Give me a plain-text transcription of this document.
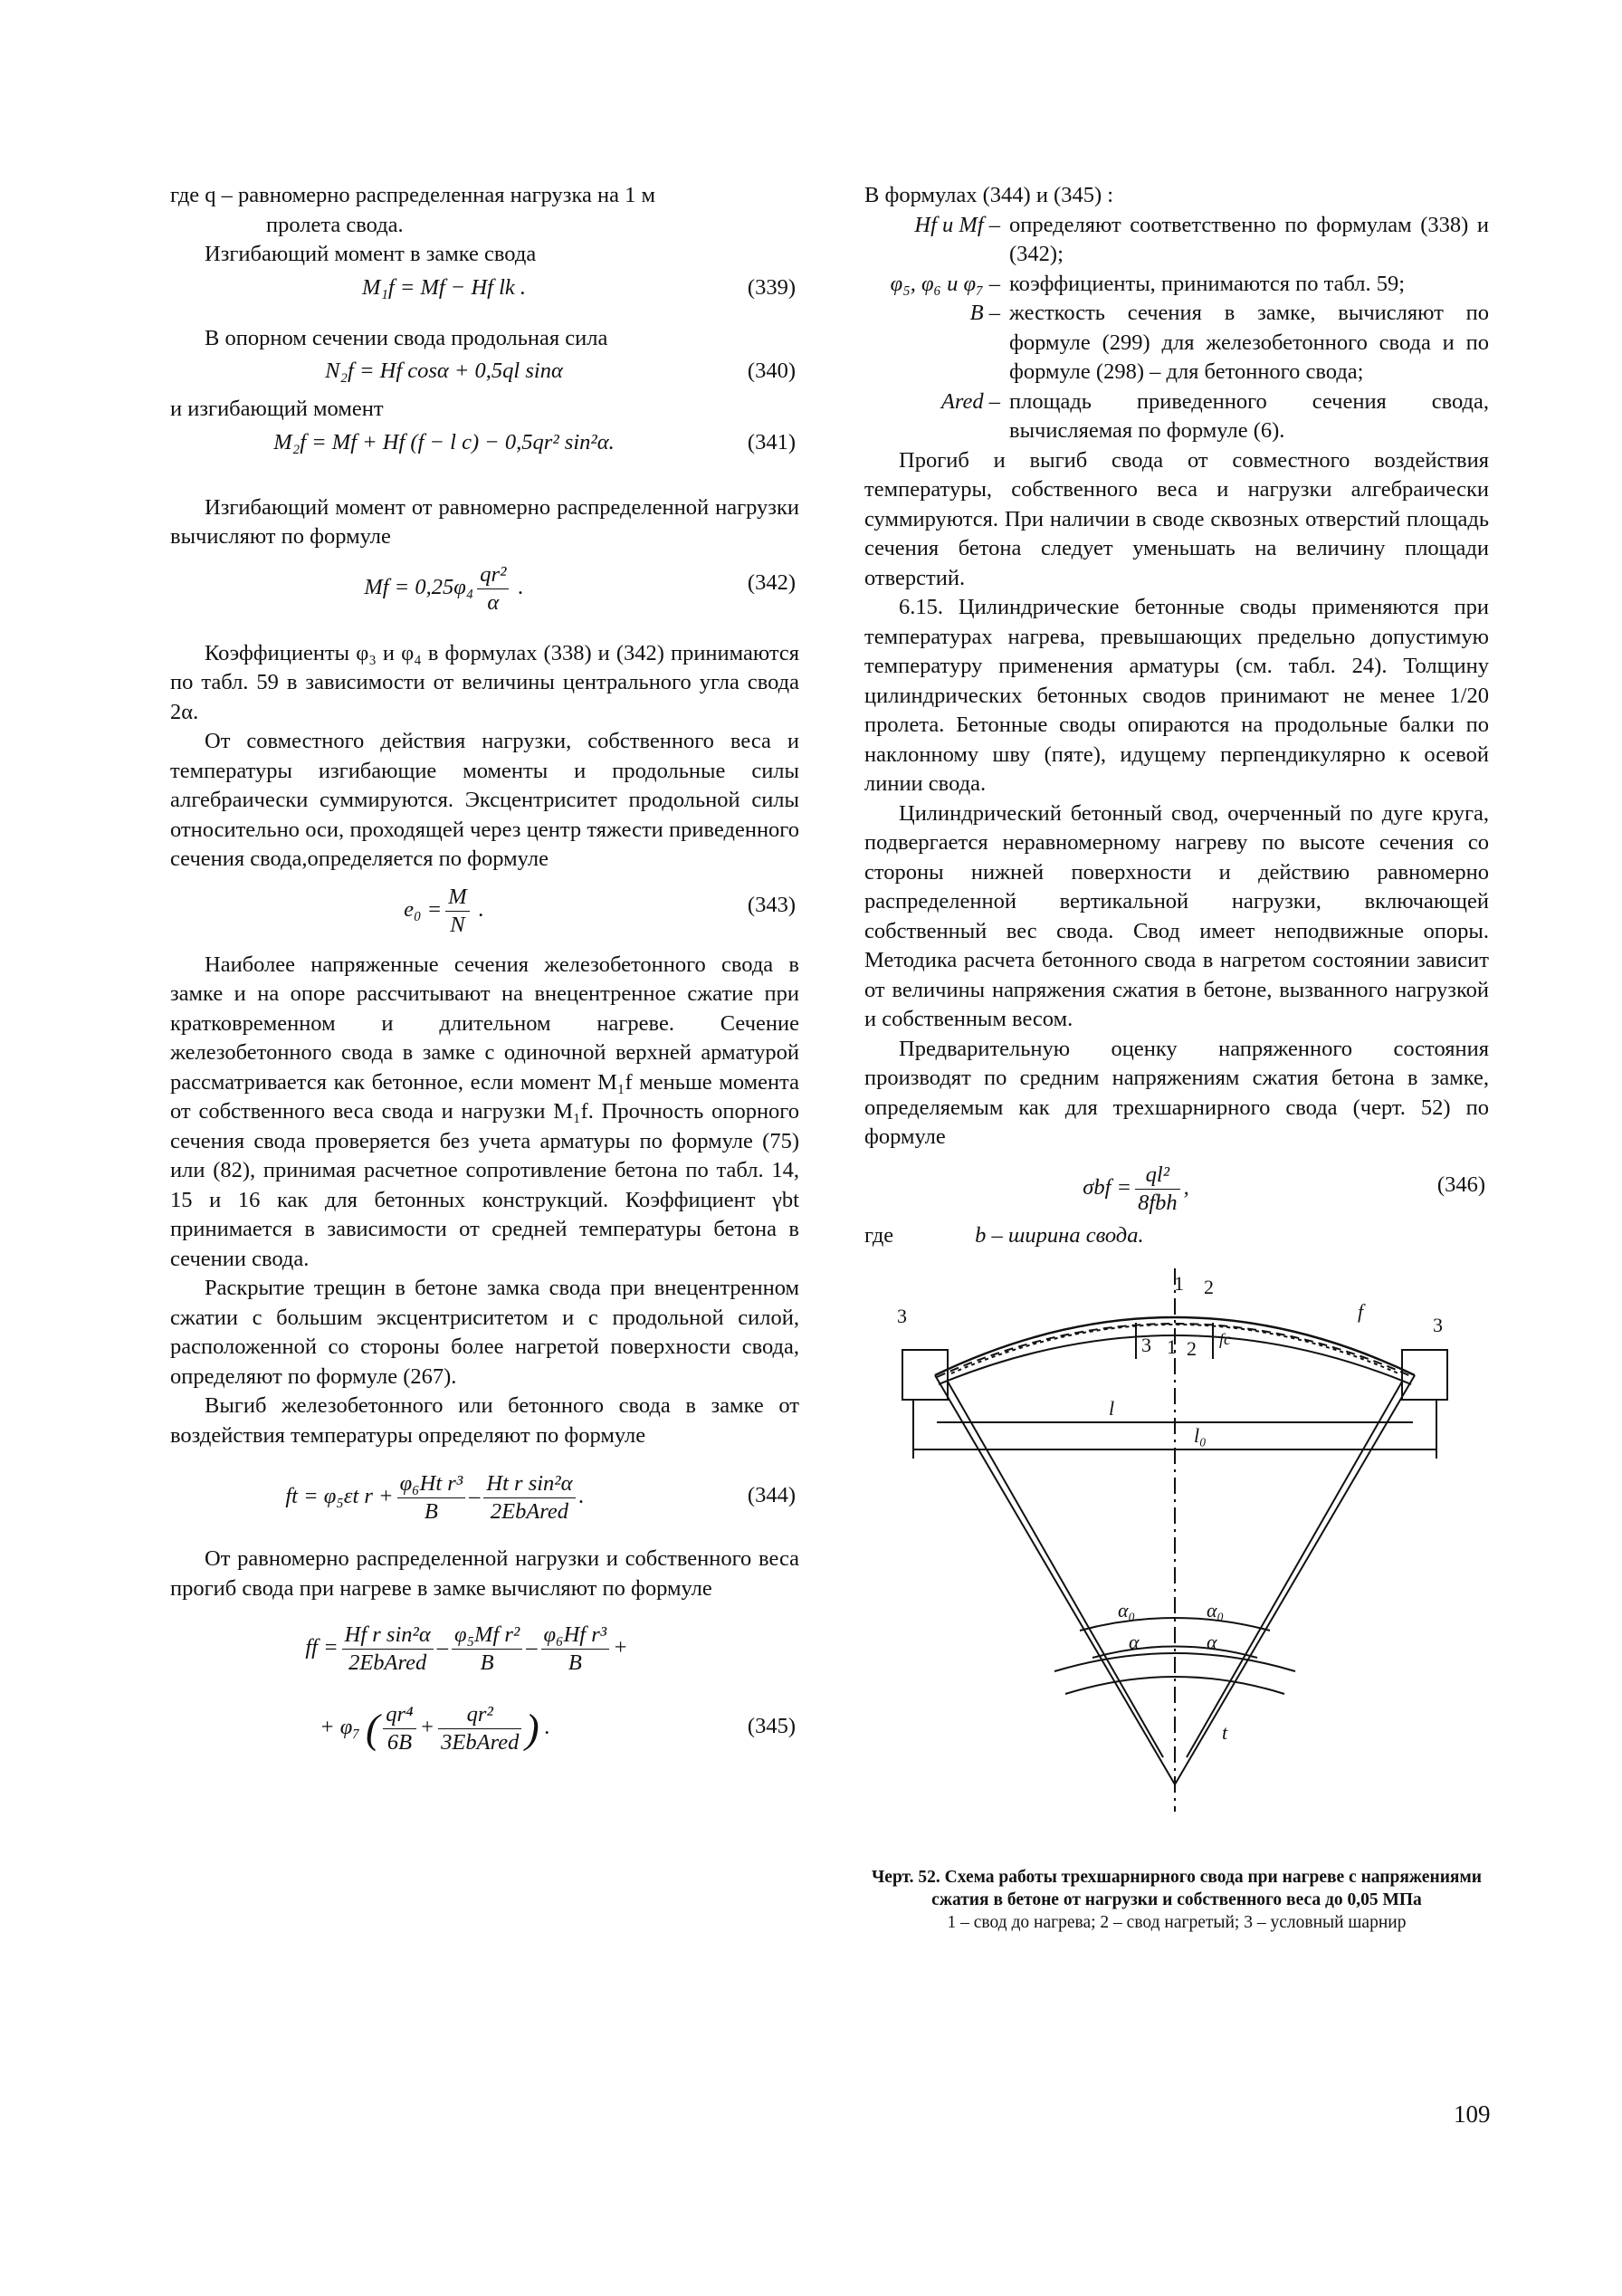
где q – равномерно распределенная нагрузка на 1 м
пролета свода.

Изгибающий момент в замке свода

M₁f = Mf − Hf lk .	(339)

В опорном сечении свода продольная сила

N₂f = Hf cosα + 0,5ql sinα	(340)

и изгибающий момент

M₂f = Mf + Hf (f − l c) − 0,5qr² sin²α.	(341)

Изгибающий момент от равномерно распределенной нагрузки вычисляют по формуле

$Mf = 0,25\varphi_4 \frac{\text{qr²}}{\alpha}$ .	(342)

Коэффициенты φ₃ и φ₄ в формулах (338) и (342) принимаются по табл. 59 в зависимости от величины центрального угла свода 2α.

От совместного действия нагрузки, собственного веса и температуры изгибающие моменты и продольные силы алгебраически суммируются. Эксцентриситет продольной силы относительно оси, проходящей через центр тяжести приведенного сечения свода,определяется по формуле

$e_0 = \frac{M}{N}$ .	(343)

Наиболее напряженные сечения железобетонного свода в замке и на опоре рассчитывают на внецентренное сжатие при кратковременном и длительном нагреве. Сечение железобетонного свода в замке с одиночной верхней арматурой рассматривается как бетонное, если момент M₁f меньше момента от собственного веса свода и нагрузки M₁f. Прочность опорного сечения свода проверяется без учета арматуры по формуле (75) или (82), принимая расчетное сопротивление бетона по табл. 14, 15 и 16 как для бетонных конструкций. Коэффициент γbt принимается в зависимости от средней температуры бетона в сечении свода.

Раскрытие трещин в бетоне замка свода при внецентренном сжатии с большим эксцентриситетом и с продольной силой, расположенной со стороны более нагретой поверхности свода, определяют по формуле (267).

Выгиб железобетонного или бетонного свода в замке от воздействия температуры определяют по формуле

ft = φ₅εt $r + \frac{\text{φ₆Ht r³}}{B} - \frac{\text{Ht r sin²α}}{\text{2EbAred}}$ .	(344)

От равномерно распределенной нагрузки и собственного веса прогиб свода при нагреве в замке вычисляют по формуле

ff = $\frac{\text{Hf r sin²α}}{\text{2EbAred}} - \frac{\text{φ₅Mf r²}}{B} - \frac{\text{φ₆Hf r³}}{B}$ +
+ φ₇ ( $\frac{\text{qr⁴}}{6B} + \frac{\text{qr²}}{\text{3EbAred}}$ ) .	(345)

В формулах (344) и (345) :

Hf и Mf – определяют соответственно по формулам (338) и (342);

φ₅, φ₆ и φ₇ – коэффициенты, принимаются по табл. 59;

B – жесткость сечения в замке, вычисляют по формуле (299) для железобетонного свода и по формуле (298) – для бетонного свода;

Ared – площадь приведенного сечения свода, вычисляемая по формуле (6).

Прогиб и выгиб свода от совместного воздействия температуры, собственного веса и нагрузки алгебраически суммируются. При наличии в своде сквозных отверстий площадь сечения бетона следует уменьшать на величину площади отверстий.

6.15. Цилиндрические бетонные своды применяются при температурах нагрева, превышающих предельно допустимую температуру применения арматуры (см. табл. 24). Толщину цилиндрических бетонных сводов принимают не менее 1/20 пролета. Бетонные своды опираются на продольные балки по наклонному шву (пяте), идущему перпендикулярно к осевой линии свода.

Цилиндрический бетонный свод, очерченный по дуге круга, подвергается неравномерному нагреву по высоте сечения со стороны нижней поверхности и действию равномерно распределенной вертикальной нагрузки, включающей собственный вес свода. Свод имеет неподвижные опоры. Методика расчета бетонного свода в нагретом состоянии зависит от величины напряжения сжатия в бетоне, вызванного нагрузкой и собственным весом.

Предварительную оценку напряженного состояния производят по средним напряжениям сжатия бетона в замке, определяемым как для трехшарнирного свода (черт. 52) по формуле

$\sigma bf = \frac{\text{ql²}}{\text{8fbh}}$ ,	(346)

где	b – ширина свода.

1 2
3	3
f
3 1 2 fc
l
l₀
α₀	α₀
α	α
t

Черт. 52. Схема работы трехшарнирного свода при нагреве с напряжениями сжатия в бетоне от нагрузки и собственного веса до 0,05 МПа

1 – свод до нагрева; 2 – свод нагретый; 3 – условный шарнир

109
